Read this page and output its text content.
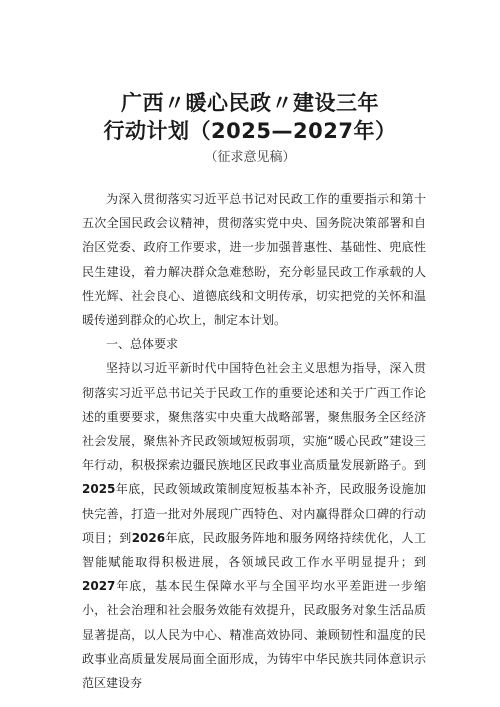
广西〃暖心民政〃建设三年
行动计划（2025—2027年）
（征求意见稿）

为深入贯彻落实习近平总书记对民政工作的重要指示和第十五次全国民政会议精神，贯彻落实党中央、国务院决策部署和自治区党委、政府工作要求，进一步加强普惠性、基础性、兜底性民生建设，着力解决群众急难愁盼，充分彰显民政工作承载的人性光辉、社会良心、道德底线和文明传承，切实把党的关怀和温暖传递到群众的心坎上，制定本计划。

一、总体要求

坚持以习近平新时代中国特色社会主义思想为指导，深入贯彻落实习近平总书记关于民政工作的重要论述和关于广西工作论述的重要要求，聚焦落实中央重大战略部署，聚焦服务全区经济社会发展，聚焦补齐民政领域短板弱项，实施“暖心民政”建设三年行动，积极探索边疆民族地区民政事业高质量发展新路子。到2025年底，民政领域政策制度短板基本补齐，民政服务设施加快完善，打造一批对外展现广西特色、对内赢得群众口碑的行动项目；到2026年底，民政服务阵地和服务网络持续优化，人工智能赋能取得积极进展，各领域民政工作水平明显提升；到2027年底，基本民生保障水平与全国平均水平差距进一步缩小，社会治理和社会服务效能有效提升，民政服务对象生活品质显著提高，以人民为中心、精准高效协同、兼顾韧性和温度的民政事业高质量发展局面全面形成，为铸牢中华民族共同体意识示范区建设夯
